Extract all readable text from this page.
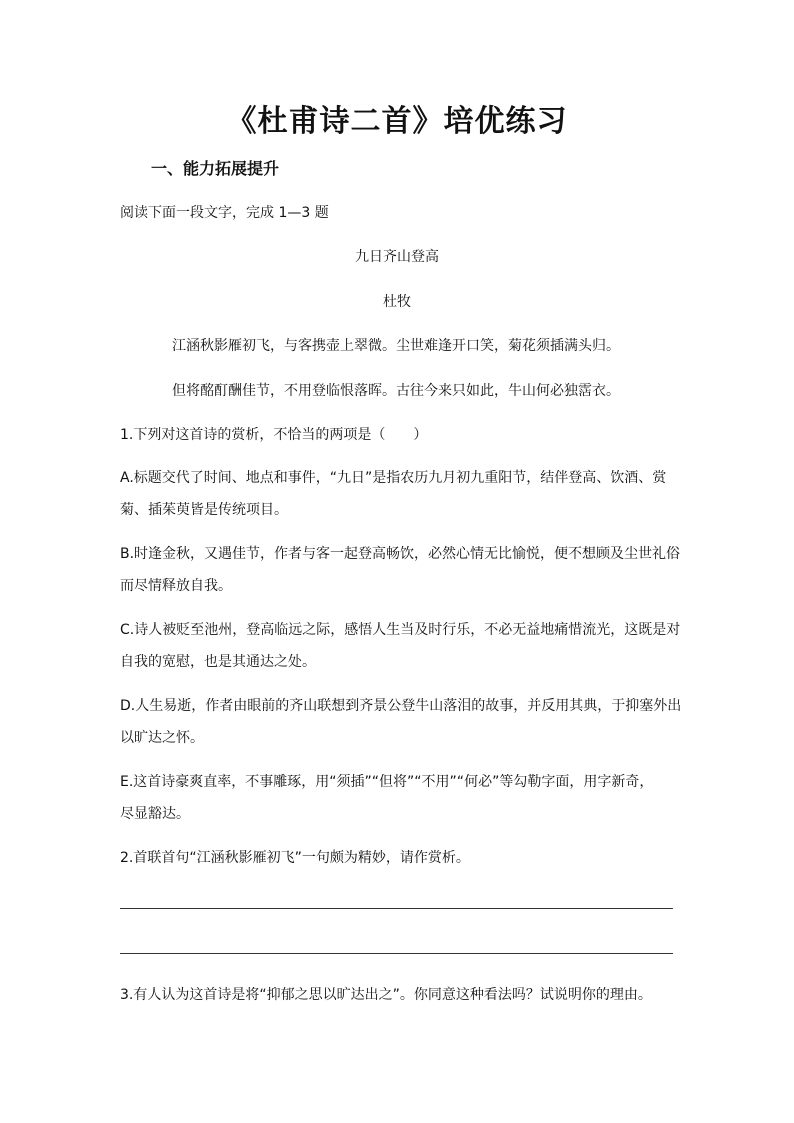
《杜甫诗二首》培优练习
一、能力拓展提升
阅读下面一段文字，完成 1—3 题
九日齐山登高
杜牧
江涵秋影雁初飞，与客携壶上翠微。尘世难逢开口笑，菊花须插满头归。
但将酩酊酬佳节，不用登临恨落晖。古往今来只如此，牛山何必独霑衣。
1.下列对这首诗的赏析，不恰当的两项是（　　）
A.标题交代了时间、地点和事件，“九日”是指农历九月初九重阳节，结伴登高、饮酒、赏
菊、插茱萸皆是传统项目。
B.时逢金秋，又遇佳节，作者与客一起登高畅饮，必然心情无比愉悦，便不想顾及尘世礼俗
而尽情释放自我。
C.诗人被贬至池州，登高临远之际，感悟人生当及时行乐，不必无益地痛惜流光，这既是对
自我的宽慰，也是其通达之处。
D.人生易逝，作者由眼前的齐山联想到齐景公登牛山落泪的故事，并反用其典，于抑塞外出
以旷达之怀。
E.这首诗豪爽直率，不事雕琢，用“须插”“但将”“不用”“何必”等勾勒字面，用字新奇，
尽显豁达。
2.首联首句“江涵秋影雁初飞”一句颇为精妙，请作赏析。
3.有人认为这首诗是将“抑郁之思以旷达出之”。你同意这种看法吗？试说明你的理由。
